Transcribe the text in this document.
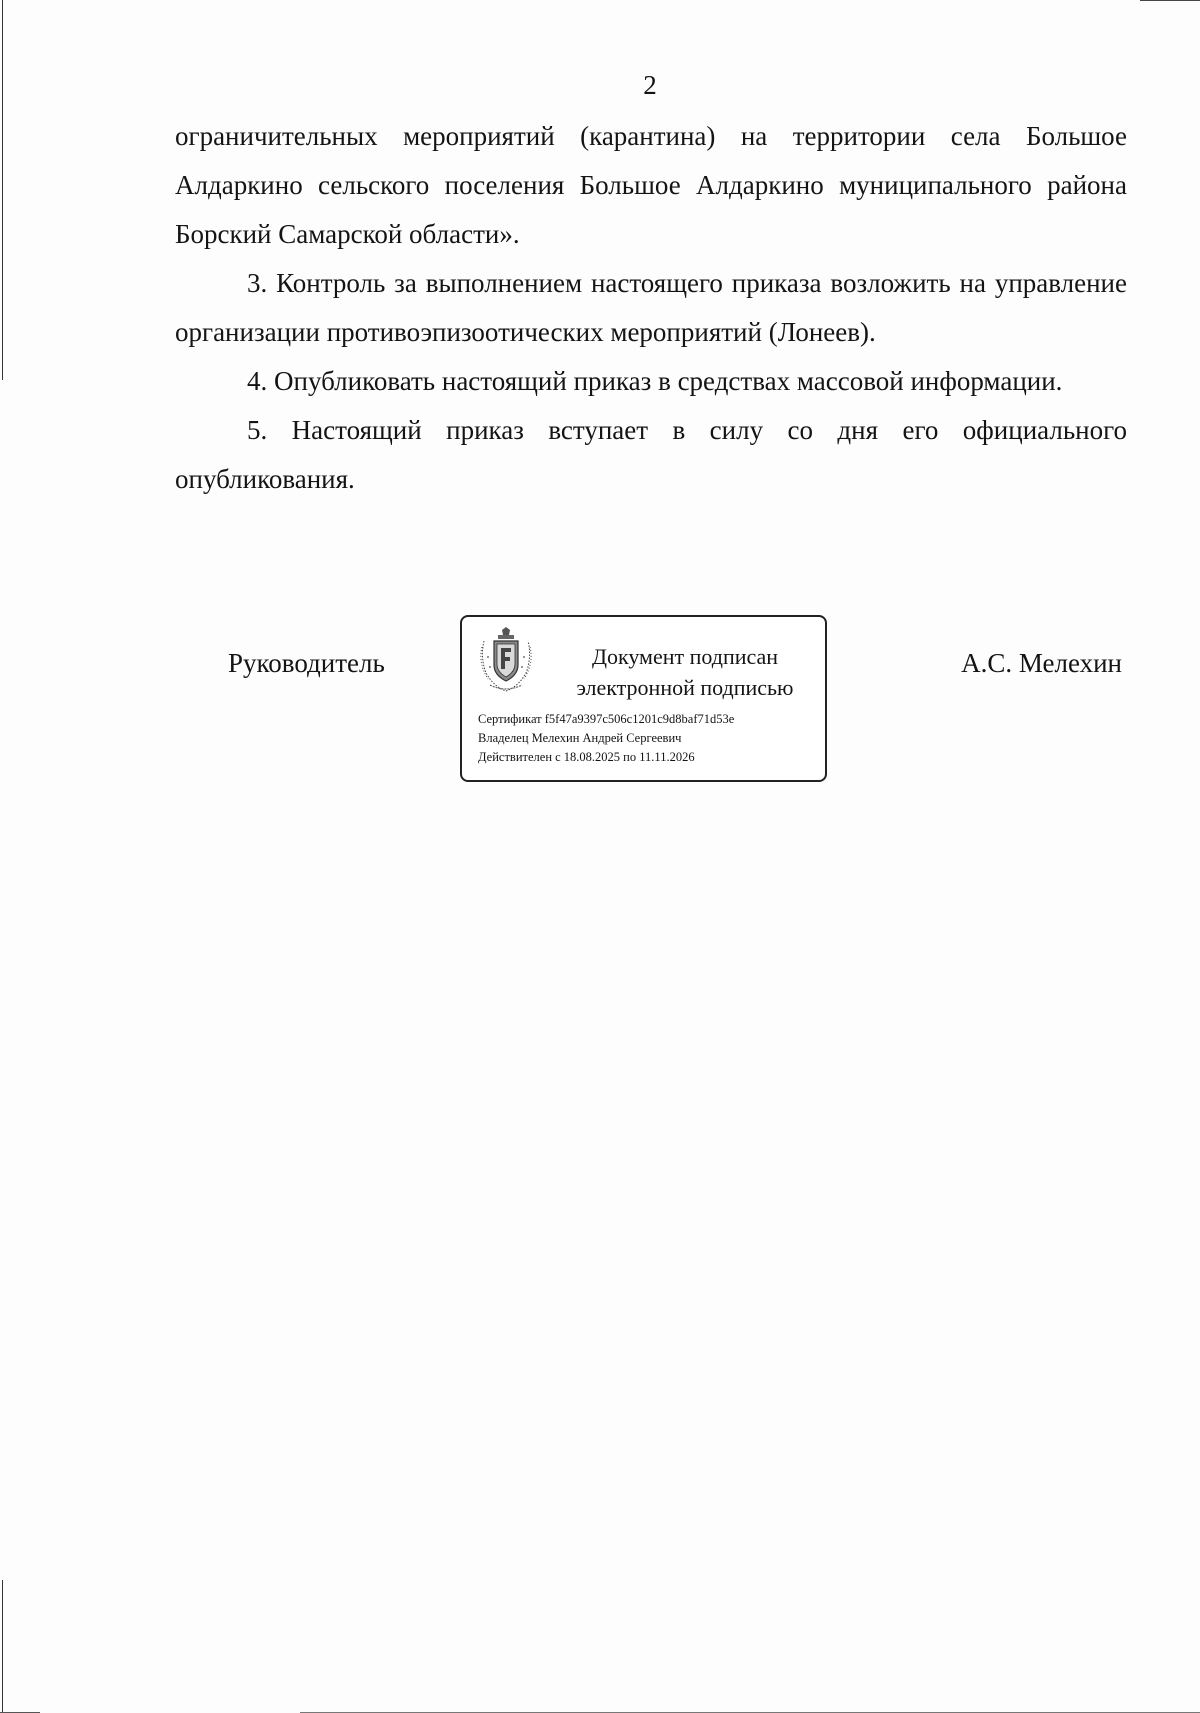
2

ограничительных мероприятий (карантина) на территории села Большое Алдаркино сельского поселения Большое Алдаркино муниципального района Борский Самарской области».

3. Контроль за выполнением настоящего приказа возложить на управление организации противоэпизоотических мероприятий (Лонеев).

4. Опубликовать настоящий приказ в средствах массовой информации.

5. Настоящий приказ вступает в силу со дня его официального опубликования.

Руководитель	Документ подписан
электронной подписью
Сертификат f5f47a9397c506c1201c9d8baf71d53e
Владелец Мелехин Андрей Сергеевич
Действителен с 18.08.2025 по 11.11.2026
А.С. Мелехин
